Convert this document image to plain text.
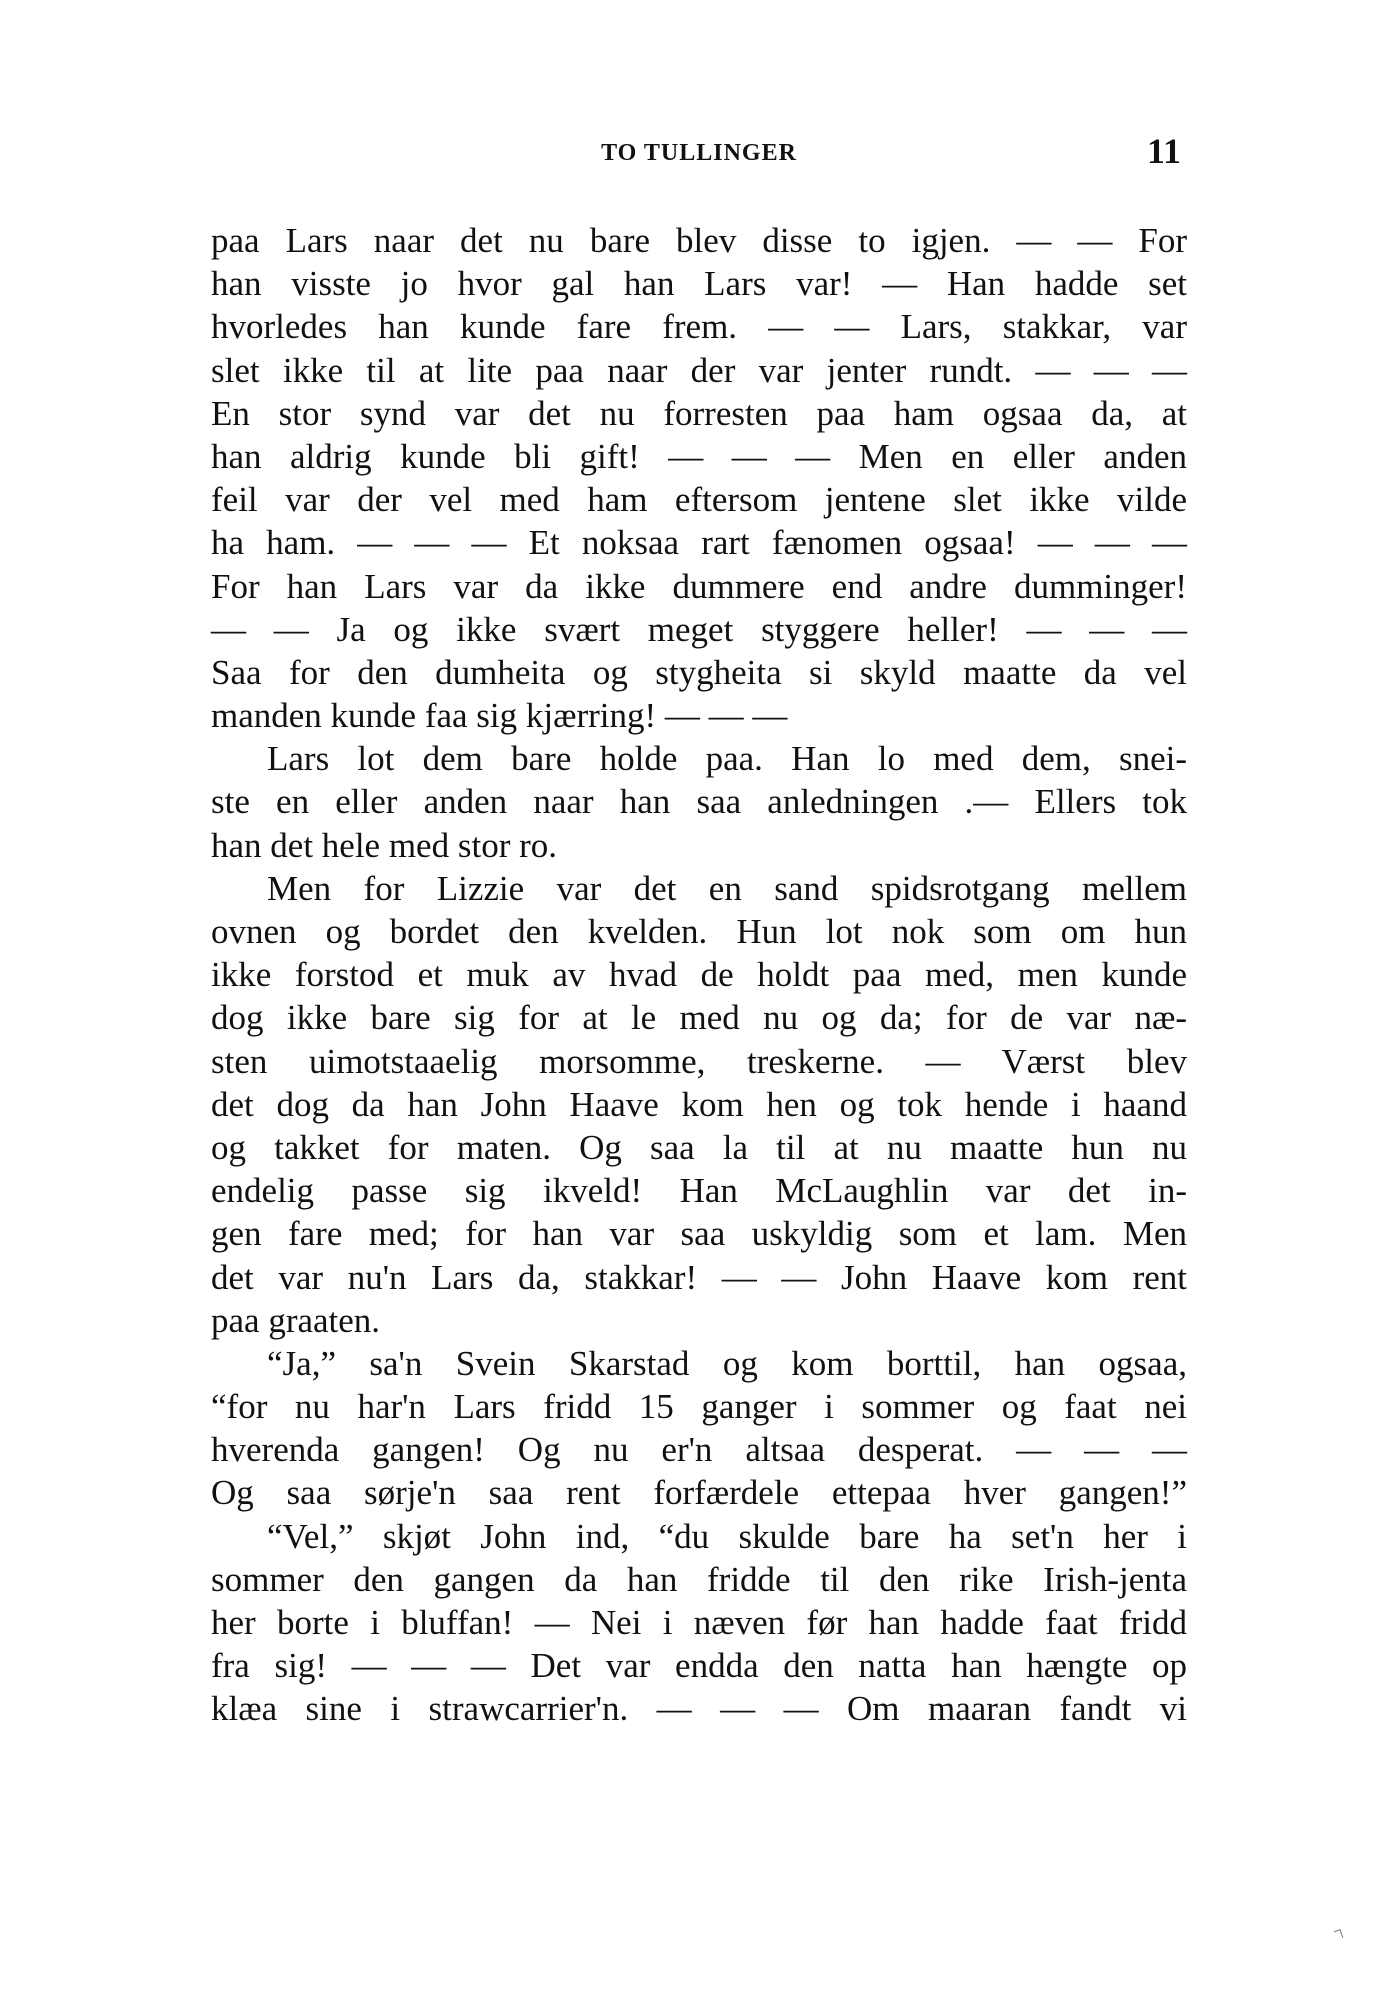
TO TULLINGER	11
paa Lars naar det nu bare blev disse to igjen. — — For
han visste jo hvor gal han Lars var! — Han hadde set
hvorledes han kunde fare frem. — — Lars, stakkar, var
slet ikke til at lite paa naar der var jenter rundt. — — —
En stor synd var det nu forresten paa ham ogsaa da, at
han aldrig kunde bli gift! — — — Men en eller anden
feil var der vel med ham eftersom jentene slet ikke vilde
ha ham. — — — Et noksaa rart fænomen ogsaa! — — —
For han Lars var da ikke dummere end andre dumminger!
— — Ja og ikke svært meget styggere heller! — — —
Saa for den dumheita og stygheita si skyld maatte da vel
manden kunde faa sig kjærring! — — —
Lars lot dem bare holde paa. Han lo med dem, snei-
ste en eller anden naar han saa anledningen .— Ellers tok
han det hele med stor ro.
Men for Lizzie var det en sand spidsrotgang mellem
ovnen og bordet den kvelden. Hun lot nok som om hun
ikke forstod et muk av hvad de holdt paa med, men kunde
dog ikke bare sig for at le med nu og da; for de var næ-
sten uimotstaaelig morsomme, treskerne. — Værst blev
det dog da han John Haave kom hen og tok hende i haand
og takket for maten. Og saa la til at nu maatte hun nu
endelig passe sig ikveld! Han McLaughlin var det in-
gen fare med; for han var saa uskyldig som et lam. Men
det var nu'n Lars da, stakkar! — — John Haave kom rent
paa graaten.
“Ja,” sa'n Svein Skarstad og kom borttil, han ogsaa,
“for nu har'n Lars fridd 15 ganger i sommer og faat nei
hverenda gangen! Og nu er'n altsaa desperat. — — —
Og saa sørje'n saa rent forfærdele ettepaa hver gangen!”
“Vel,” skjøt John ind, “du skulde bare ha set'n her i
sommer den gangen da han fridde til den rike Irish-jenta
her borte i bluffan! — Nei i næven før han hadde faat fridd
fra sig! — — — Det var endda den natta han hængte op
klæa sine i strawcarrier'n. — — — Om maaran fandt vi
